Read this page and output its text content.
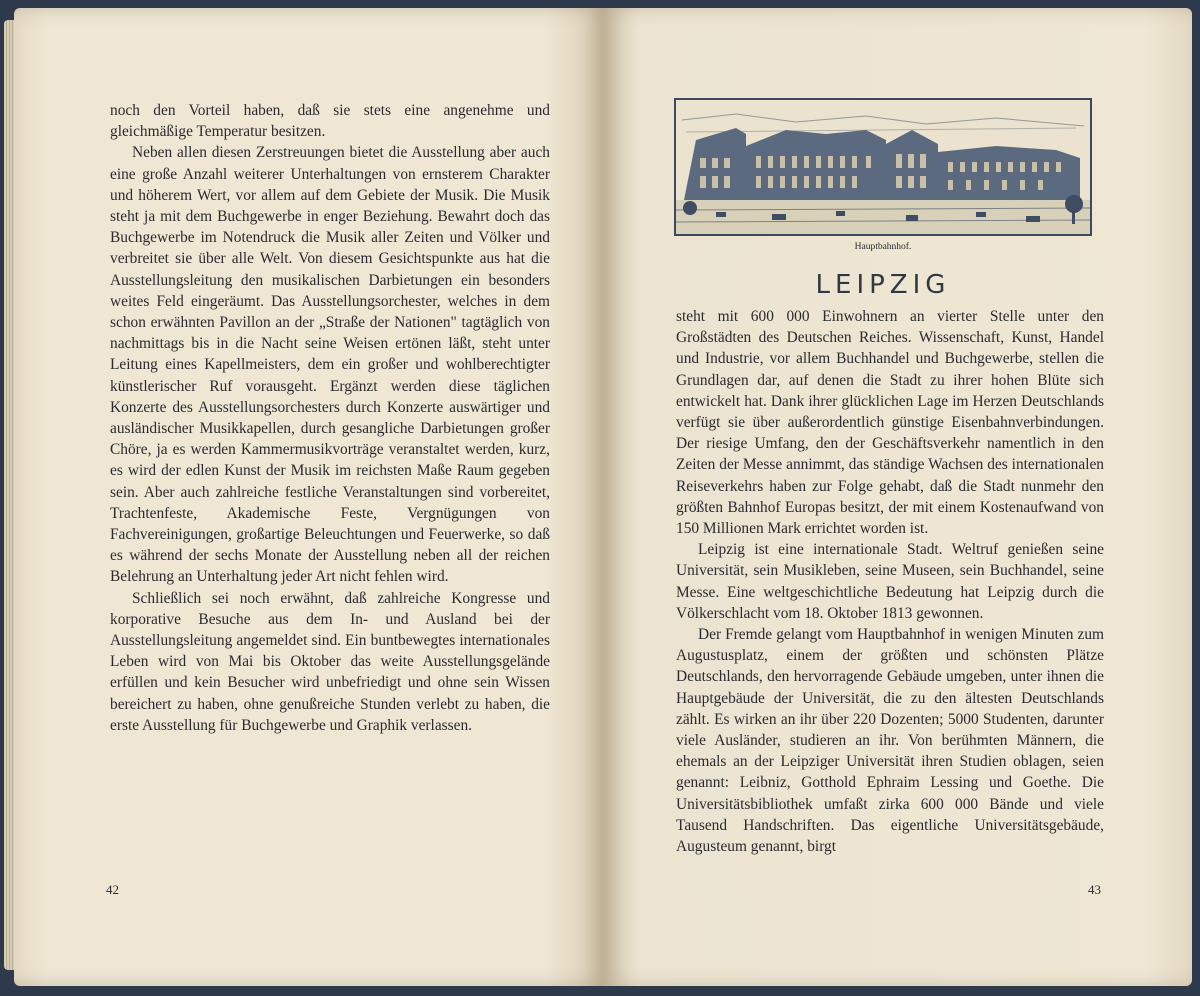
noch den Vorteil haben, daß sie stets eine angenehme und gleichmäßige Temperatur besitzen.

Neben allen diesen Zerstreuungen bietet die Ausstellung aber auch eine große Anzahl weiterer Unterhaltungen von ernsterem Charakter und höherem Wert, vor allem auf dem Gebiete der Musik. Die Musik steht ja mit dem Buchgewerbe in enger Beziehung. Bewahrt doch das Buchgewerbe im Notendruck die Musik aller Zeiten und Völker und verbreitet sie über alle Welt. Von diesem Gesichtspunkte aus hat die Ausstellungsleitung den musikalischen Darbietungen ein besonders weites Feld eingeräumt. Das Ausstellungsorchester, welches in dem schon erwähnten Pavillon an der „Straße der Nationen" tagtäglich von nachmittags bis in die Nacht seine Weisen ertönen läßt, steht unter Leitung eines Kapellmeisters, dem ein großer und wohlberechtigter künstlerischer Ruf vorausgeht. Ergänzt werden diese täglichen Konzerte des Ausstellungsorchesters durch Konzerte auswärtiger und ausländischer Musikkapellen, durch gesangliche Darbietungen großer Chöre, ja es werden Kammermusikvorträge veranstaltet werden, kurz, es wird der edlen Kunst der Musik im reichsten Maße Raum gegeben sein. Aber auch zahlreiche festliche Veranstaltungen sind vorbereitet, Trachtenfeste, Akademische Feste, Vergnügungen von Fachvereinigungen, großartige Beleuchtungen und Feuerwerke, so daß es während der sechs Monate der Ausstellung neben all der reichen Belehrung an Unterhaltung jeder Art nicht fehlen wird.

Schließlich sei noch erwähnt, daß zahlreiche Kongresse und korporative Besuche aus dem In- und Ausland bei der Ausstellungsleitung angemeldet sind. Ein buntbewegtes internationales Leben wird von Mai bis Oktober das weite Ausstellungsgelände erfüllen und kein Besucher wird unbefriedigt und ohne sein Wissen bereichert zu haben, ohne genußreiche Stunden verlebt zu haben, die erste Ausstellung für Buchgewerbe und Graphik verlassen.

42
Hauptbahnhof.
LEIPZIG

steht mit 600 000 Einwohnern an vierter Stelle unter den Großstädten des Deutschen Reiches. Wissenschaft, Kunst, Handel und Industrie, vor allem Buchhandel und Buchgewerbe, stellen die Grundlagen dar, auf denen die Stadt zu ihrer hohen Blüte sich entwickelt hat. Dank ihrer glücklichen Lage im Herzen Deutschlands verfügt sie über außerordentlich günstige Eisenbahnverbindungen. Der riesige Umfang, den der Geschäftsverkehr namentlich in den Zeiten der Messe annimmt, das ständige Wachsen des internationalen Reiseverkehrs haben zur Folge gehabt, daß die Stadt nunmehr den größten Bahnhof Europas besitzt, der mit einem Kostenaufwand von 150 Millionen Mark errichtet worden ist.

Leipzig ist eine internationale Stadt. Weltruf genießen seine Universität, sein Musikleben, seine Museen, sein Buchhandel, seine Messe. Eine weltgeschichtliche Bedeutung hat Leipzig durch die Völkerschlacht vom 18. Oktober 1813 gewonnen.

Der Fremde gelangt vom Hauptbahnhof in wenigen Minuten zum Augustusplatz, einem der größten und schönsten Plätze Deutschlands, den hervorragende Gebäude umgeben, unter ihnen die Hauptgebäude der Universität, die zu den ältesten Deutschlands zählt. Es wirken an ihr über 220 Dozenten; 5000 Studenten, darunter viele Ausländer, studieren an ihr. Von berühmten Männern, die ehemals an der Leipziger Universität ihren Studien oblagen, seien genannt: Leibniz, Gotthold Ephraim Lessing und Goethe. Die Universitätsbibliothek umfaßt zirka 600 000 Bände und viele Tausend Handschriften. Das eigentliche Universitätsgebäude, Augusteum genannt, birgt

43
